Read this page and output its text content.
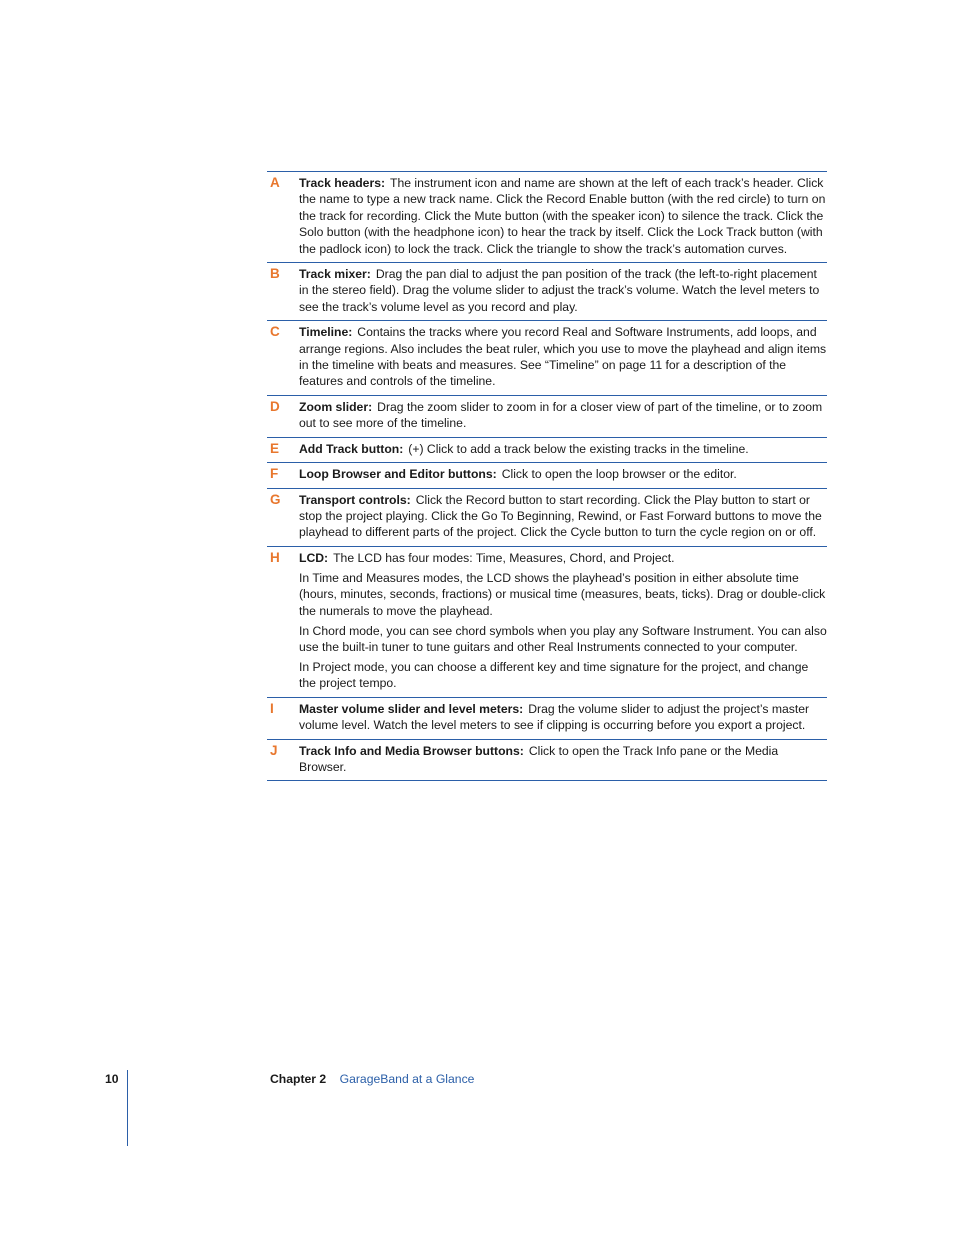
A	Track headers: The instrument icon and name are shown at the left of each track’s header. Click the name to type a new track name. Click the Record Enable button (with the red circle) to turn on the track for recording. Click the Mute button (with the speaker icon) to silence the track. Click the Solo button (with the headphone icon) to hear the track by itself. Click the Lock Track button (with the padlock icon) to lock the track. Click the triangle to show the track’s automation curves.

B	Track mixer: Drag the pan dial to adjust the pan position of the track (the left-to-right placement in the stereo field). Drag the volume slider to adjust the track’s volume. Watch the level meters to see the track’s volume level as you record and play.

C	Timeline: Contains the tracks where you record Real and Software Instruments, add loops, and arrange regions. Also includes the beat ruler, which you use to move the playhead and align items in the timeline with beats and measures. See “Timeline” on page 11 for a description of the features and controls of the timeline.

D	Zoom slider: Drag the zoom slider to zoom in for a closer view of part of the timeline, or to zoom out to see more of the timeline.

E	Add Track button: (+) Click to add a track below the existing tracks in the timeline.

F	Loop Browser and Editor buttons: Click to open the loop browser or the editor.

G	Transport controls: Click the Record button to start recording. Click the Play button to start or stop the project playing. Click the Go To Beginning, Rewind, or Fast Forward buttons to move the playhead to different parts of the project. Click the Cycle button to turn the cycle region on or off.

H	LCD: The LCD has four modes: Time, Measures, Chord, and Project.

In Time and Measures modes, the LCD shows the playhead’s position in either absolute time (hours, minutes, seconds, fractions) or musical time (measures, beats, ticks). Drag or double-click the numerals to move the playhead.

In Chord mode, you can see chord symbols when you play any Software Instrument. You can also use the built-in tuner to tune guitars and other Real Instruments connected to your computer.

In Project mode, you can choose a different key and time signature for the project, and change the project tempo.

I	Master volume slider and level meters: Drag the volume slider to adjust the project’s master volume level. Watch the level meters to see if clipping is occurring before you export a project.

J	Track Info and Media Browser buttons: Click to open the Track Info pane or the Media Browser.

10	Chapter 2 GarageBand at a Glance
